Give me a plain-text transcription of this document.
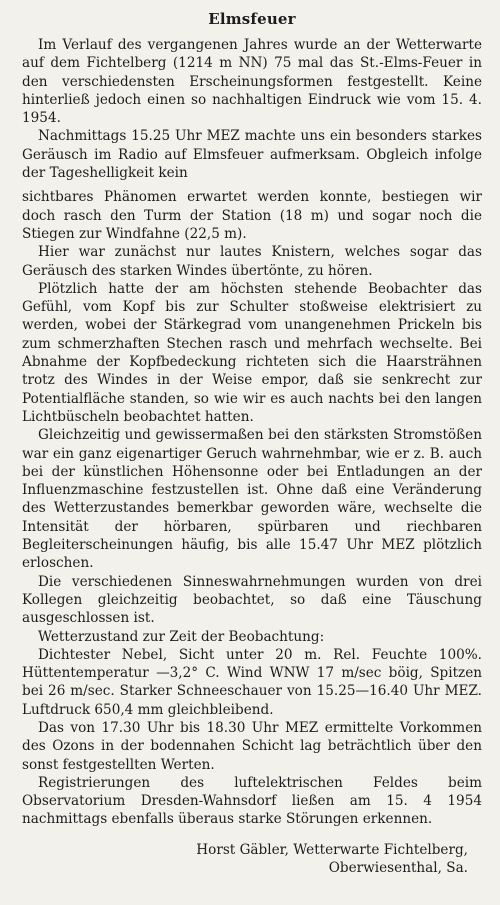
Elmsfeuer

Im Verlauf des vergangenen Jahres wurde an der Wetterwarte auf dem Fichtelberg (1214 m NN) 75 mal das St.-Elms-Feuer in den verschiedensten Erscheinungsformen festgestellt. Keine hinterließ jedoch einen so nachhaltigen Eindruck wie vom 15. 4. 1954.

Nachmittags 15.25 Uhr MEZ machte uns ein besonders starkes Geräusch im Radio auf Elmsfeuer aufmerksam. Obgleich infolge der Tageshelligkeit kein

sichtbares Phänomen erwartet werden konnte, bestiegen wir doch rasch den Turm der Station (18 m) und sogar noch die Stiegen zur Windfahne (22,5 m).

Hier war zunächst nur lautes Knistern, welches sogar das Geräusch des starken Windes übertönte, zu hören.

Plötzlich hatte der am höchsten stehende Beobachter das Gefühl, vom Kopf bis zur Schulter stoßweise elektrisiert zu werden, wobei der Stärkegrad vom unangenehmen Prickeln bis zum schmerzhaften Stechen rasch und mehrfach wechselte. Bei Abnahme der Kopfbedeckung richteten sich die Haarsträhnen trotz des Windes in der Weise empor, daß sie senkrecht zur Potentialfläche standen, so wie wir es auch nachts bei den langen Lichtbüscheln beobachtet hatten.

Gleichzeitig und gewissermaßen bei den stärksten Stromstößen war ein ganz eigenartiger Geruch wahrnehmbar, wie er z. B. auch bei der künstlichen Höhensonne oder bei Entladungen an der Influenzmaschine festzustellen ist. Ohne daß eine Veränderung des Wetterzustandes bemerkbar geworden wäre, wechselte die Intensität der hörbaren, spürbaren und riechbaren Begleiterscheinungen häufig, bis alle 15.47 Uhr MEZ plötzlich erloschen.

Die verschiedenen Sinneswahrnehmungen wurden von drei Kollegen gleichzeitig beobachtet, so daß eine Täuschung ausgeschlossen ist.

Wetterzustand zur Zeit der Beobachtung:

Dichtester Nebel, Sicht unter 20 m. Rel. Feuchte 100%. Hüttentemperatur —3,2° C. Wind WNW 17 m/sec böig, Spitzen bei 26 m/sec. Starker Schneeschauer von 15.25—16.40 Uhr MEZ. Luftdruck 650,4 mm gleichbleibend.

Das von 17.30 Uhr bis 18.30 Uhr MEZ ermittelte Vorkommen des Ozons in der bodennahen Schicht lag beträchtlich über den sonst festgestellten Werten.

Registrierungen des luftelektrischen Feldes beim Observatorium Dresden-Wahnsdorf ließen am 15. 4 1954 nachmittags ebenfalls überaus starke Störungen erkennen.

Horst Gäbler, Wetterwarte Fichtelberg,
Oberwiesenthal, Sa.
